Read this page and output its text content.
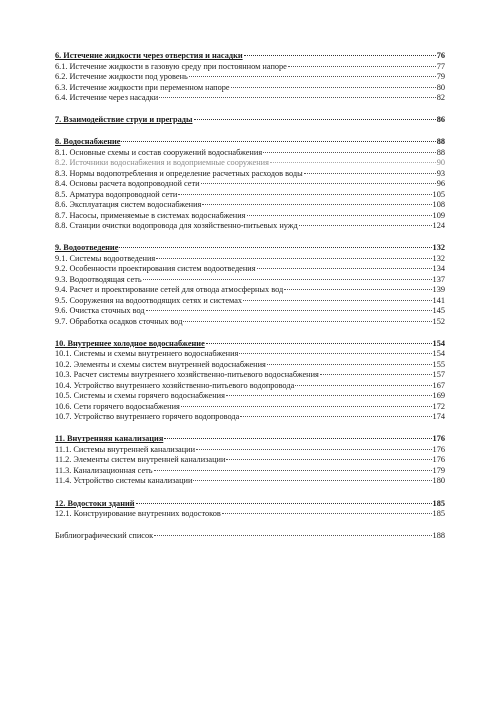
6. Истечение жидкости через отверстия и насадки	76
6.1. Истечение жидкости в газовую среду при постоянном напоре	77
6.2. Истечение жидкости под уровень	79
6.3. Истечение жидкости при переменном напоре	80
6.4. Истечение через насадки	82
7. Взаимодействие струи и преграды	86
8. Водоснабжение	88
8.1. Основные схемы и состав сооружений водоснабжения	88
8.2. Источники водоснабжения и водоприемные сооружения	90
8.3. Нормы водопотребления и определение расчетных расходов воды	93
8.4. Основы расчета водопроводной сети	96
8.5. Арматура водопроводной сети	105
8.6. Эксплуатация систем водоснабжения	108
8.7. Насосы, применяемые в системах водоснабжения	109
8.8. Станции очистки водопровода для хозяйственно-питьевых нужд	124
9. Водоотведение	132
9.1. Системы водоотведения	132
9.2. Особенности проектирования систем водоотведения	134
9.3. Водоотводящая сеть	137
9.4. Расчет и проектирование сетей для отвода атмосферных вод	139
9.5. Сооружения на водоотводящих сетях и системах	141
9.6. Очистка сточных вод	145
9.7. Обработка осадков сточных вод	152
10. Внутреннее холодное водоснабжение	154
10.1. Системы и схемы внутреннего водоснабжения	154
10.2. Элементы и схемы систем внутренней водоснабжения	155
10.3. Расчет системы внутреннего хозяйственно-питьевого водоснабжения	157
10.4. Устройство внутреннего хозяйственно-питьевого водопровода	167
10.5. Системы и схемы горячего водоснабжения	169
10.6. Сети горячего водоснабжения	172
10.7. Устройство внутреннего горячего водопровода	174
11. Внутренняя канализация	176
11.1. Системы внутренней канализации	176
11.2. Элементы систем внутренней канализации	176
11.3. Канализационная сеть	179
11.4. Устройство системы канализации	180
12. Водостоки зданий	185
12.1. Конструирование внутренних водостоков	185
Библиографический список	188
